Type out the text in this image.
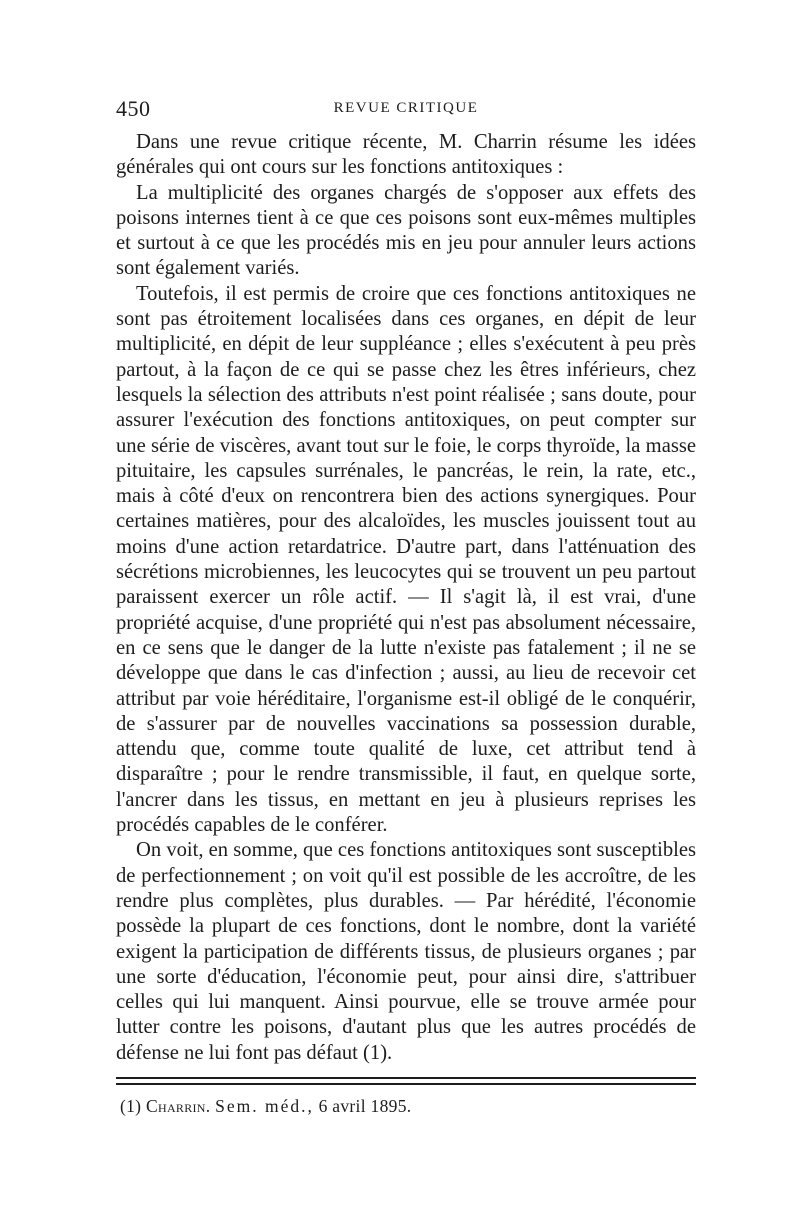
450	REVUE CRITIQUE

Dans une revue critique récente, M. Charrin résume les idées générales qui ont cours sur les fonctions antitoxiques :

La multiplicité des organes chargés de s'opposer aux effets des poisons internes tient à ce que ces poisons sont eux-mêmes multiples et surtout à ce que les procédés mis en jeu pour annuler leurs actions sont également variés.

Toutefois, il est permis de croire que ces fonctions antitoxiques ne sont pas étroitement localisées dans ces organes, en dépit de leur multiplicité, en dépit de leur suppléance ; elles s'exécutent à peu près partout, à la façon de ce qui se passe chez les êtres inférieurs, chez lesquels la sélection des attributs n'est point réalisée ; sans doute, pour assurer l'exécution des fonctions antitoxiques, on peut compter sur une série de viscères, avant tout sur le foie, le corps thyroïde, la masse pituitaire, les capsules surrénales, le pancréas, le rein, la rate, etc., mais à côté d'eux on rencontrera bien des actions synergiques. Pour certaines matières, pour des alcaloïdes, les muscles jouissent tout au moins d'une action retardatrice. D'autre part, dans l'atténuation des sécrétions microbiennes, les leucocytes qui se trouvent un peu partout paraissent exercer un rôle actif. — Il s'agit là, il est vrai, d'une propriété acquise, d'une propriété qui n'est pas absolument nécessaire, en ce sens que le danger de la lutte n'existe pas fatalement ; il ne se développe que dans le cas d'infection ; aussi, au lieu de recevoir cet attribut par voie héréditaire, l'organisme est-il obligé de le conquérir, de s'assurer par de nouvelles vaccinations sa possession durable, attendu que, comme toute qualité de luxe, cet attribut tend à disparaître ; pour le rendre transmissible, il faut, en quelque sorte, l'ancrer dans les tissus, en mettant en jeu à plusieurs reprises les procédés capables de le conférer.

On voit, en somme, que ces fonctions antitoxiques sont susceptibles de perfectionnement ; on voit qu'il est possible de les accroître, de les rendre plus complètes, plus durables. — Par hérédité, l'économie possède la plupart de ces fonctions, dont le nombre, dont la variété exigent la participation de différents tissus, de plusieurs organes ; par une sorte d'éducation, l'économie peut, pour ainsi dire, s'attribuer celles qui lui manquent. Ainsi pourvue, elle se trouve armée pour lutter contre les poisons, d'autant plus que les autres procédés de défense ne lui font pas défaut (1).

(1) Charrin. Sem. méd., 6 avril 1895.
